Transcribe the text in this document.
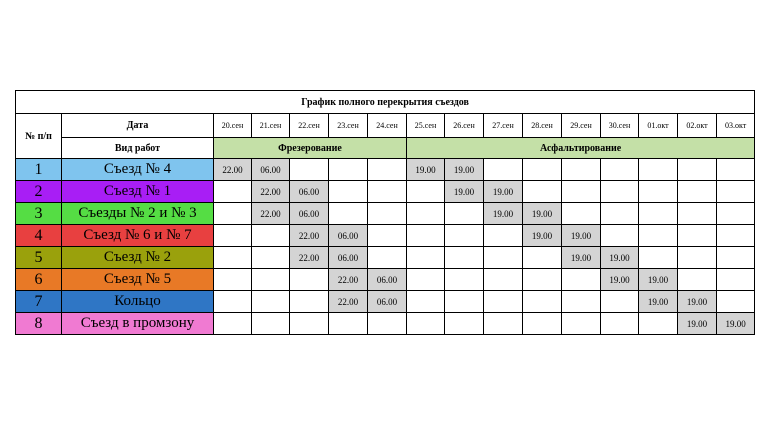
График полного перекрытия съездов															
№ п/п	Дата	20.сен	21.сен	22.сен	23.сен	24.сен	25.сен	26.сен	27.сен	28.сен	29.сен	30.сен	01.окт	02.окт	03.окт
	Вид работ	Фрезерование					Асфальтирование								
1	Съезд № 4	22.00	06.00				19.00	19.00							
2	Съезд № 1		22.00	06.00				19.00	19.00						
3	Съезды № 2 и № 3		22.00	06.00					19.00	19.00					
4	Съезд № 6 и № 7			22.00	06.00					19.00	19.00				
5	Съезд № 2			22.00	06.00						19.00	19.00			
6	Съезд № 5				22.00	06.00						19.00	19.00		
7	Кольцо				22.00	06.00							19.00	19.00	
8	Съезд в промзону													19.00	19.00
